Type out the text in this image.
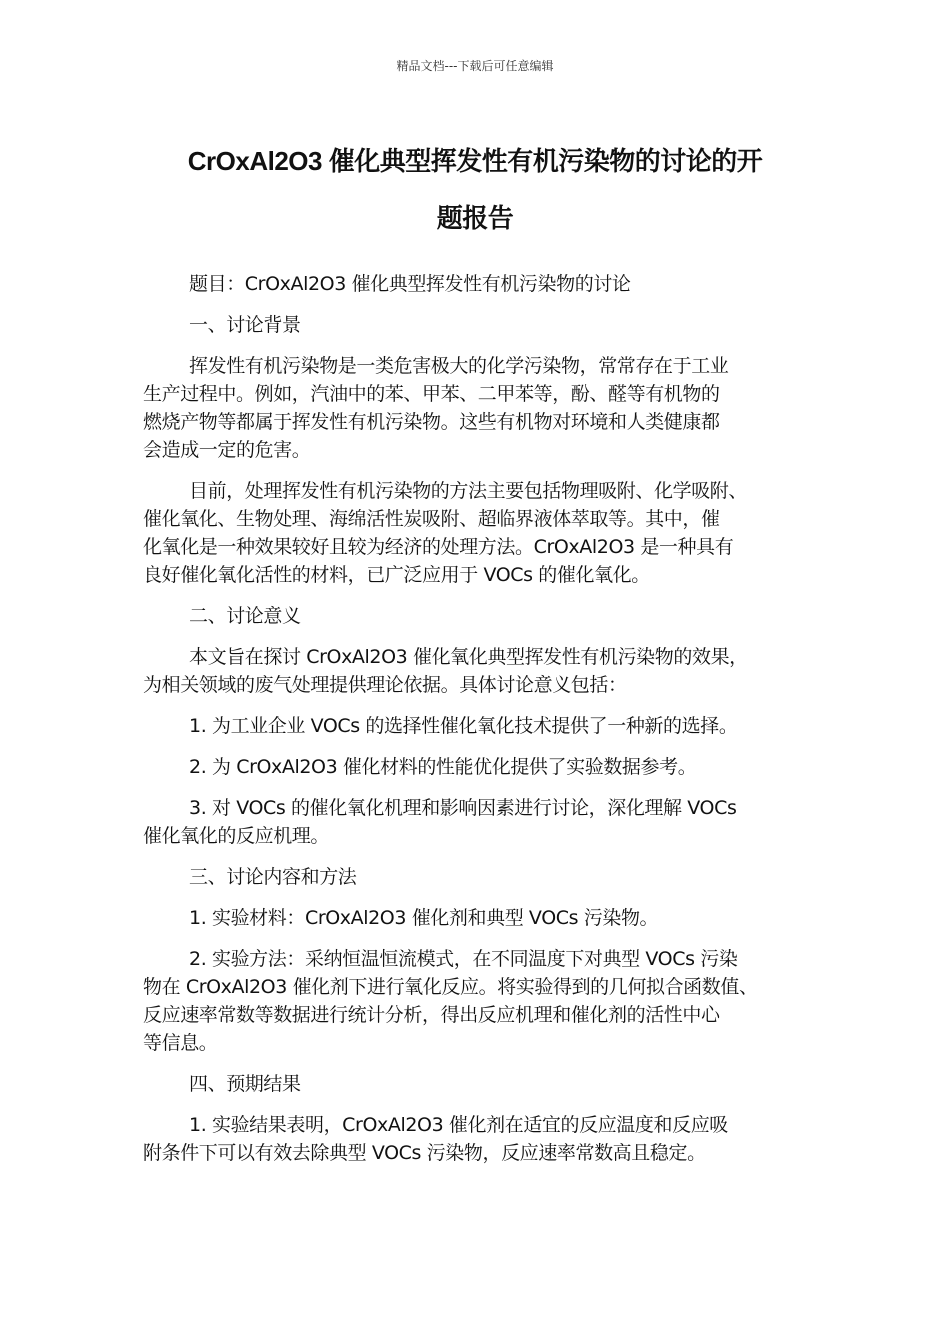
精品文档---下载后可任意编辑
CrOxAl2O3 催化典型挥发性有机污染物的讨论的开
题报告
题目：CrOxAl2O3 催化典型挥发性有机污染物的讨论
一、讨论背景
挥发性有机污染物是一类危害极大的化学污染物，常常存在于工业
生产过程中。例如，汽油中的苯、甲苯、二甲苯等，酚、醛等有机物的
燃烧产物等都属于挥发性有机污染物。这些有机物对环境和人类健康都
会造成一定的危害。
目前，处理挥发性有机污染物的方法主要包括物理吸附、化学吸附、
催化氧化、生物处理、海绵活性炭吸附、超临界液体萃取等。其中，催
化氧化是一种效果较好且较为经济的处理方法。CrOxAl2O3 是一种具有
良好催化氧化活性的材料，已广泛应用于 VOCs 的催化氧化。
二、讨论意义
本文旨在探讨 CrOxAl2O3 催化氧化典型挥发性有机污染物的效果，
为相关领域的废气处理提供理论依据。具体讨论意义包括：
1. 为工业企业 VOCs 的选择性催化氧化技术提供了一种新的选择。
2. 为 CrOxAl2O3 催化材料的性能优化提供了实验数据参考。
3. 对 VOCs 的催化氧化机理和影响因素进行讨论，深化理解 VOCs
催化氧化的反应机理。
三、讨论内容和方法
1. 实验材料：CrOxAl2O3 催化剂和典型 VOCs 污染物。
2. 实验方法：采纳恒温恒流模式，在不同温度下对典型 VOCs 污染
物在 CrOxAl2O3 催化剂下进行氧化反应。将实验得到的几何拟合函数值、
反应速率常数等数据进行统计分析，得出反应机理和催化剂的活性中心
等信息。
四、预期结果
1. 实验结果表明，CrOxAl2O3 催化剂在适宜的反应温度和反应吸
附条件下可以有效去除典型 VOCs 污染物，反应速率常数高且稳定。
